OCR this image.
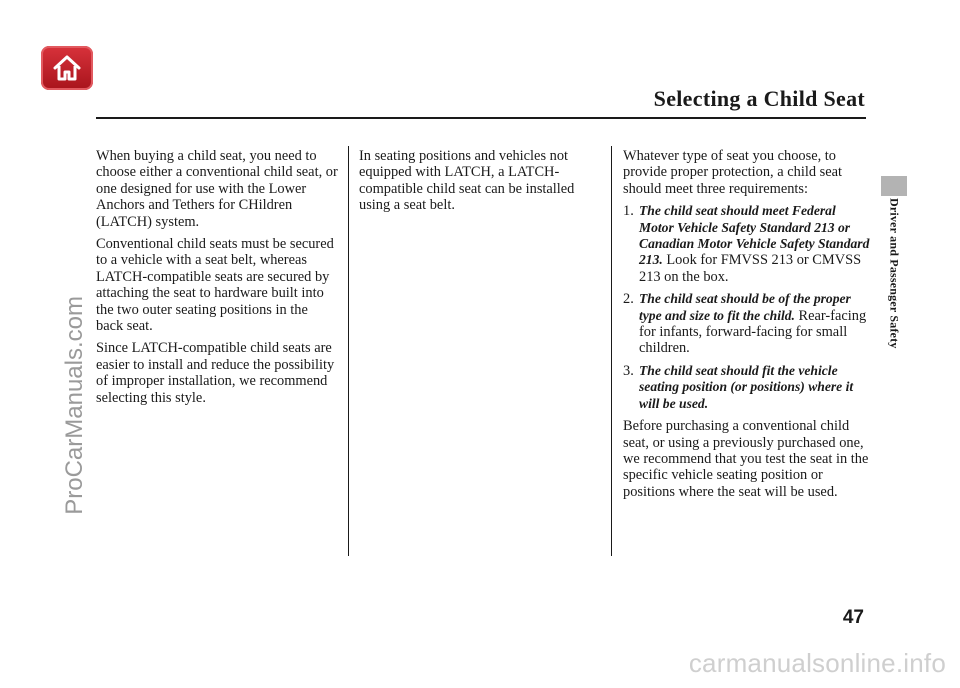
Selecting a Child Seat
Driver and Passenger Safety
ProCarManuals.com

When buying a child seat, you need to choose either a conventional child seat, or one designed for use with the Lower Anchors and Tethers for CHildren (LATCH) system.

Conventional child seats must be secured to a vehicle with a seat belt, whereas LATCH-compatible seats are secured by attaching the seat to hardware built into the two outer seating positions in the back seat.

Since LATCH-compatible child seats are easier to install and reduce the possibility of improper installation, we recommend selecting this style.

In seating positions and vehicles not equipped with LATCH, a LATCH-compatible child seat can be installed using a seat belt.

Whatever type of seat you choose, to provide proper protection, a child seat should meet three requirements:

1. The child seat should meet Federal Motor Vehicle Safety Standard 213 or Canadian Motor Vehicle Safety Standard 213. Look for FMVSS 213 or CMVSS 213 on the box.
2. The child seat should be of the proper type and size to fit the child. Rear-facing for infants, forward-facing for small children.
3. The child seat should fit the vehicle seating position (or positions) where it will be used.

Before purchasing a conventional child seat, or using a previously purchased one, we recommend that you test the seat in the specific vehicle seating position or positions where the seat will be used.

47

carmanualsonline.info
